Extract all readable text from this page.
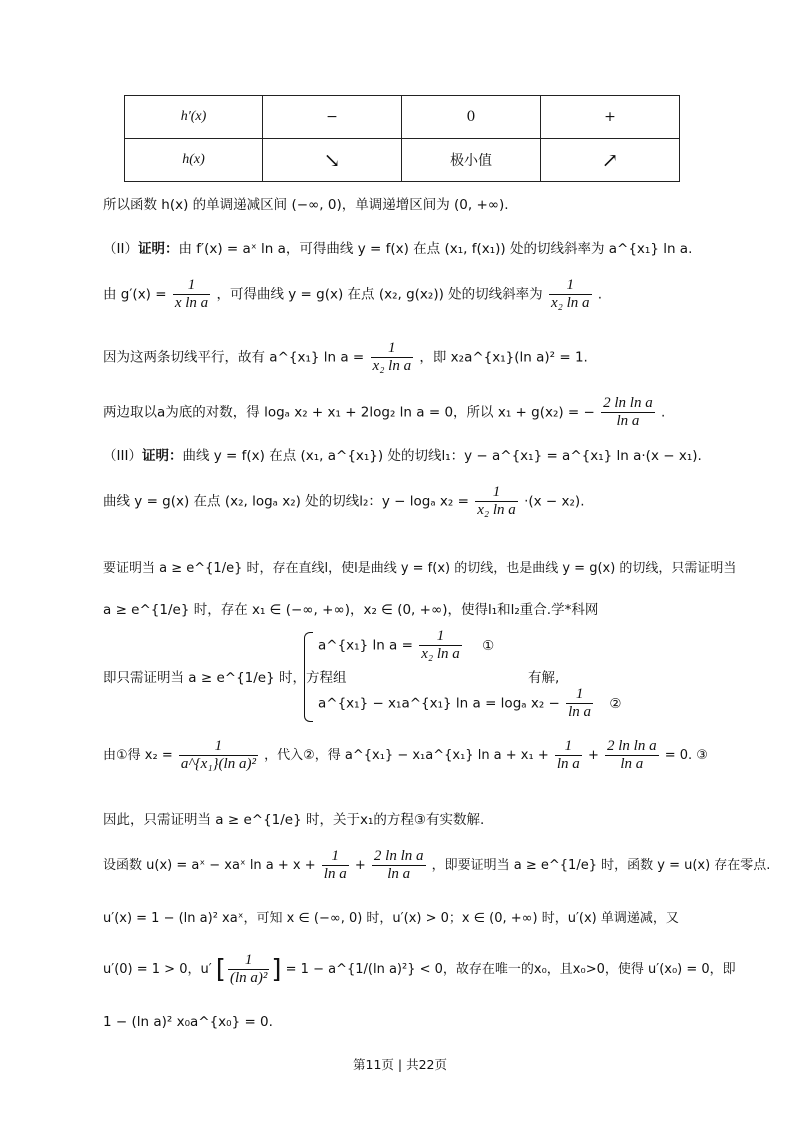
h′(x)	−	0	+
h(x)	↘	极小值	↗
所以函数 h(x) 的单调递减区间 (−∞, 0)，单调递增区间为 (0, +∞).
（II）证明：由 f′(x) = aˣ ln a，可得曲线 y = f(x) 在点 (x₁, f(x₁)) 处的切线斜率为 a^{x₁} ln a.
由 $g'(x) = \frac{1}{\text{x ln a}}$ ，可得曲线 y = g(x) 在点 (x₂, g(x₂)) 处的切线斜率为 $\frac{1}{\text{x₂ ln a}}$ .
因为这两条切线平行，故有 a^{x₁} $\ln a = \frac{1}{\text{x₂ ln a}}$ ，即 x₂a^{x₁}(ln a)² = 1.
两边取以a为底的对数，得 logₐ x₂ + x₁ + 2log₂ ln a = 0，所以 x₁ + g(x₂) = − $\frac{\text{2 ln ln a}}{\text{ln a}}$ .
（III）证明：曲线 y = f(x) 在点 (x₁, a^{x₁}) 处的切线l₁：y − a^{x₁} = a^{x₁} ln a·(x − x₁).
曲线 y = g(x) 在点 (x₂, logₐ x₂) 处的切线l₂：y − logₐ $x_2 = \frac{1}{\text{x₂ ln a}} \cdot(x - x_2)$.
要证明当 a ≥ e^{1/e} 时，存在直线l，使l是曲线 y = f(x) 的切线，也是曲线 y = g(x) 的切线，只需证明当
a ≥ e^{1/e} 时，存在 x₁ ∈ (−∞, +∞)，x₂ ∈ (0, +∞)，使得l₁和l₂重合.学*科网
即只需证明当 a ≥ e^{1/e} 时，方程组
a^{x₁} $\ln a = \frac{1}{\text{x₂ ln a}}$ ①
a^{x₁} − x₁a^{x₁} ln a = logₐ $x_2 - \frac{1}{\text{ln a}}$ ②
有解,
由①得 $x_2 = \frac{1}{\text{a\textasciicircum{}\{x₁\}(ln a)²}}$ ，代入②，得 a^{x₁} − x₁a^{x₁} $\ln a + x_1 + \frac{1}{\text{ln a}} + \frac{\text{2 ln ln a}}{\text{ln a}} = 0$. ③
因此，只需证明当 a ≥ e^{1/e} 时，关于x₁的方程③有实数解.
设函数 u(x) = aˣ − xaˣ $\ln a + x + \frac{1}{\text{ln a}} + \frac{\text{2 ln ln a}}{\text{ln a}}$ ，即要证明当 a ≥ e^{1/e} 时，函数 y = u(x) 存在零点.
u′(x) = 1 − (ln a)² xaˣ，可知 x ∈ (−∞, 0) 时，u′(x) > 0；x ∈ (0, +∞) 时，u′(x) 单调递减，又
u′(0) = 1 > 0，u′ [ $\frac{1}{\text{(ln a)²}}$ ] = 1 − a^{1/(ln a)²} < 0，故存在唯一的x₀，且x₀>0，使得 u′(x₀) = 0，即
1 − (ln a)² x₀a^{x₀} = 0.
第11页 | 共22页
